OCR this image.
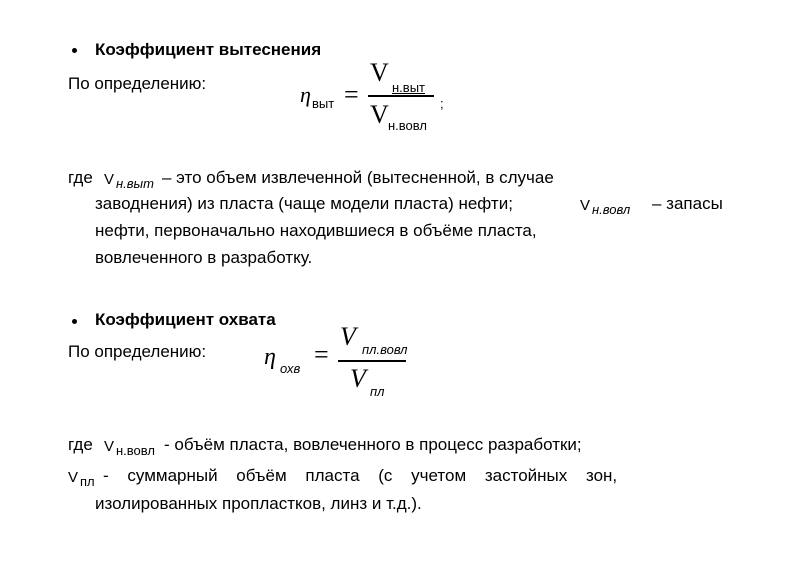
Коэффициент вытеснения
По определению:	η выт =
V
н.выт
V н.вовл
;
где V н.выт – это объем извлеченной (вытесненной, в случае
заводнения) из пласта (чаще модели пласта) нефти;	V н.вовл – запасы
нефти, первоначально находившиеся в объёме пласта,
вовлеченного в разработку.
Коэффициент охвата
По определению: η охв =
V пл.вовл
V пл
где V н.вовл - объём пласта, вовлеченного в процесс разработки;
V пл - суммарный объём пласта (с учетом застойных зон,
изолированных пропластков, линз и т.д.).
